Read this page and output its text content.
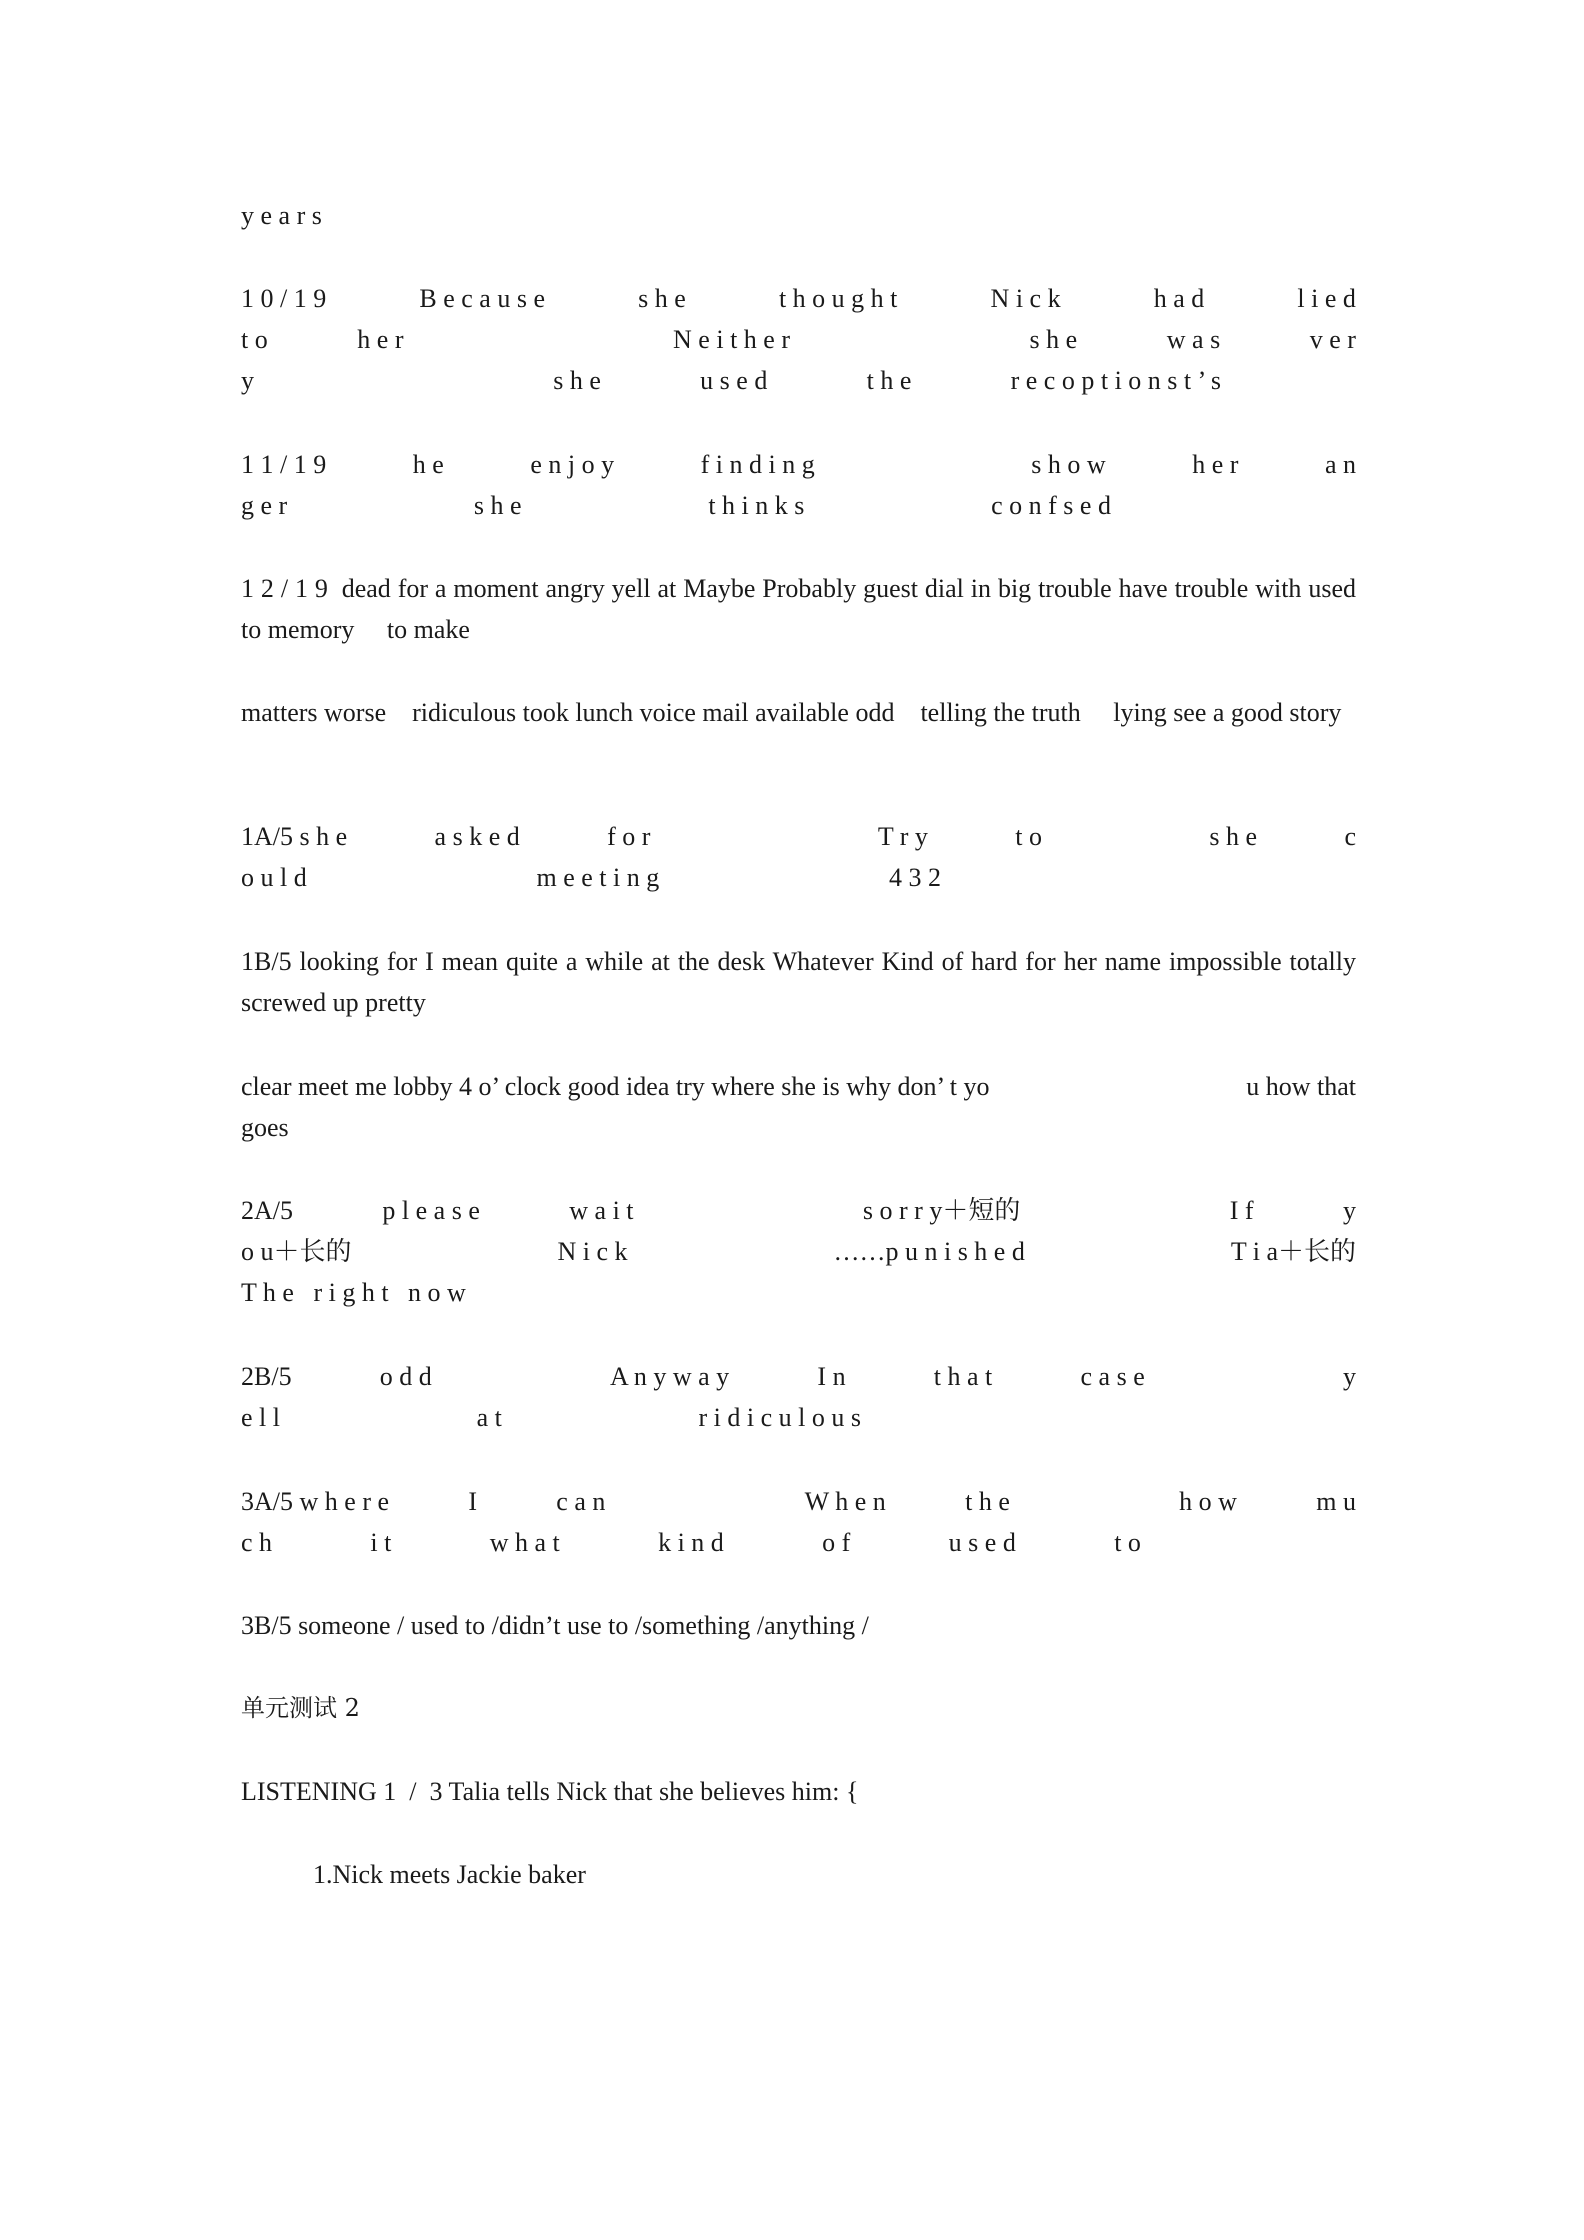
y e a r s
1 0 / 1 9	B e c a u s e	s h e	t h o u g h t	N i c k	h a d	l i e d
t o	h e r	N e i t h e r	s h e	w a s	v e r
y	s h e	u s e d	t h e	r e c o p t i o n s t ’ s
1 1 / 1 9	h e	e n j o y	f i n d i n g	s h o w	h e r	a n
g e r	s h e	t h i n k s	c o n f s e d
1 2 / 1 9  dead for a moment angry yell at Maybe Probably guest dial in big trouble have trouble with used to memory     to make
matters worse    ridiculous took lunch voice mail available odd    telling the truth     lying see a good story
1A/5 s h e	a s k e d	f o r	T r y	t o	s h e	c
o u l d	m e e t i n g	4 3 2
1B/5 looking for I mean quite a while at the desk Whatever Kind of hard for her name impossible totally screwed up pretty
clear meet me lobby 4 o’ clock good idea try where she is why don’ t yo	u how that
goes
2A/5	p l e a s e	w a i t	s o r r y＋短的	I f	y
o u＋长的	N i c k	……p u n i s h e d	T i a＋长的
T h e   r i g h t   n o w
2B/5	o d d	A n y w a y	I n	t h a t	c a s e	y
e l l	a t	r i d i c u l o u s
3A/5 w h e r e	I	c a n	W h e n	t h e	h o w	m u
c h	i t	w h a t	k i n d	o f	u s e d	t o
3B/5 someone / used to /didn’t use to /something /anything /
单元测试 2
LISTENING 1  /  3 Talia tells Nick that she believes him: {
1.Nick meets Jackie baker
